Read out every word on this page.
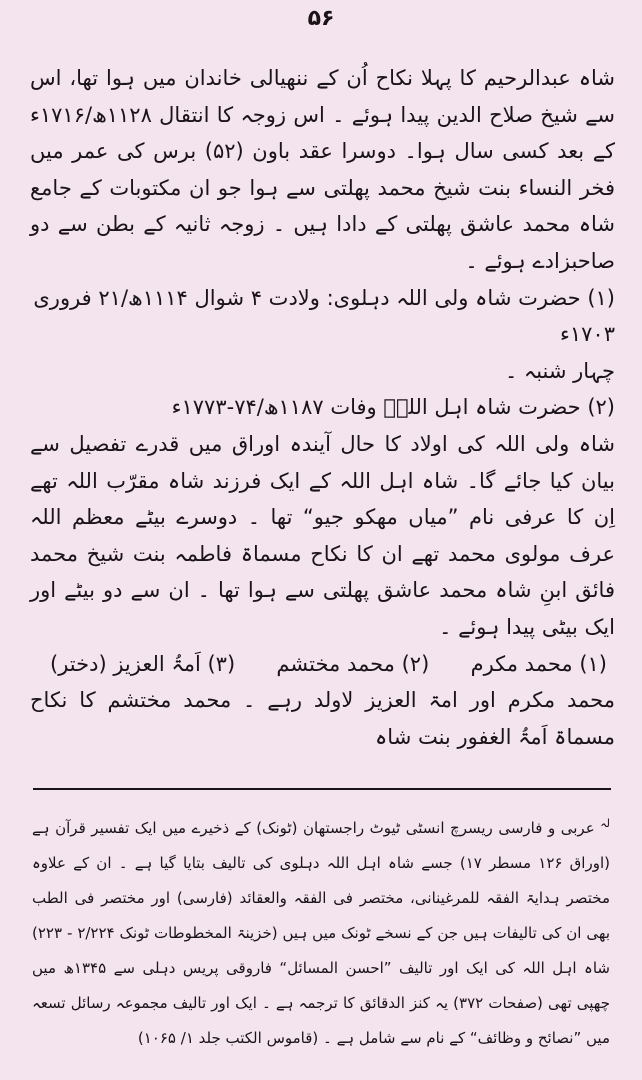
۵۶

شاہ عبدالرحیم کا پہلا نکاح اُن کے ننھیالی خاندان میں ہوا تھا، اس سے شیخ صلاح الدین پیدا ہوئے ۔ اس زوجہ کا انتقال ۱۱۲۸ھ/۱۷۱۶ء کے بعد کسی سال ہوا۔ دوسرا عقد باون (۵۲) برس کی عمر میں فخر النساء بنت شیخ محمد پھلتی سے ہوا جو ان مکتوبات کے جامع شاہ محمد عاشق پھلتی کے دادا ہیں ۔ زوجہ ثانیہ کے بطن سے دو صاحبزادے ہوئے ۔

(۱) حضرت شاہ ولی اللہ دہلوی: ولادت ۴ شوال ۱۱۱۴ھ/۲۱ فروری ۱۷۰۳ء
چہار شنبہ ۔

(۲) حضرت شاہ اہل اللہؒ وفات ۱۱۸۷ھ/۷۴-۱۷۷۳ء

شاہ ولی اللہ کی اولاد کا حال آیندہ اوراق میں قدرے تفصیل سے بیان کیا جائے گا۔ شاہ اہل اللہ کے ایک فرزند شاہ مقرّب اللہ تھے اِن کا عرفی نام ”میاں مھکو جیو“ تھا ۔ دوسرے بیٹے معظم اللہ عرف مولوی محمد تھے ان کا نکاح مسماۃ فاطمہ بنت شیخ محمد فائق ابنِ شاہ محمد عاشق پھلتی سے ہوا تھا ۔ ان سے دو بیٹے اور ایک بیٹی پیدا ہوئے ۔

(۱) محمد مکرم
(۲) محمد مختشم
(۳) اَمۃُ العزیز (دختر)

محمد مکرم اور امۃ العزیز لاولد رہے ۔ محمد مختشم کا نکاح مسماۃ اَمۃُ الغفور بنت شاہ

$^{لہ}$ عربی و فارسی ریسرچ انسٹی ٹیوٹ راجستھان (ٹونک) کے ذخیرے میں ایک تفسیر قرآن ہے (اوراق ۱۲۶ مسطر ۱۷) جسے شاہ اہل اللہ دہلوی کی تالیف بتایا گیا ہے ۔ ان کے علاوہ مختصر ہدایۃ الفقہ للمرغینانی، مختصر فی الفقہ والعقائد (فارسی) اور مختصر فی الطب بھی ان کی تالیفات ہیں جن کے نسخے ٹونک میں ہیں (خزینۃ المخطوطات ٹونک ۲/۲۲۴ - ۲۲۳) شاہ اہل اللہ کی ایک اور تالیف ”احسن المسائل“ فاروقی پریس دہلی سے ۱۳۴۵ھ میں چھپی تھی (صفحات ۳۷۲) یہ کنز الدقائق کا ترجمہ ہے ۔ ایک اور تالیف مجموعہ رسائل تسعہ میں ”نصائح و وظائف“ کے نام سے شامل ہے ۔ (قاموس الکتب جلد ۱/ ۱۰۶۵)
